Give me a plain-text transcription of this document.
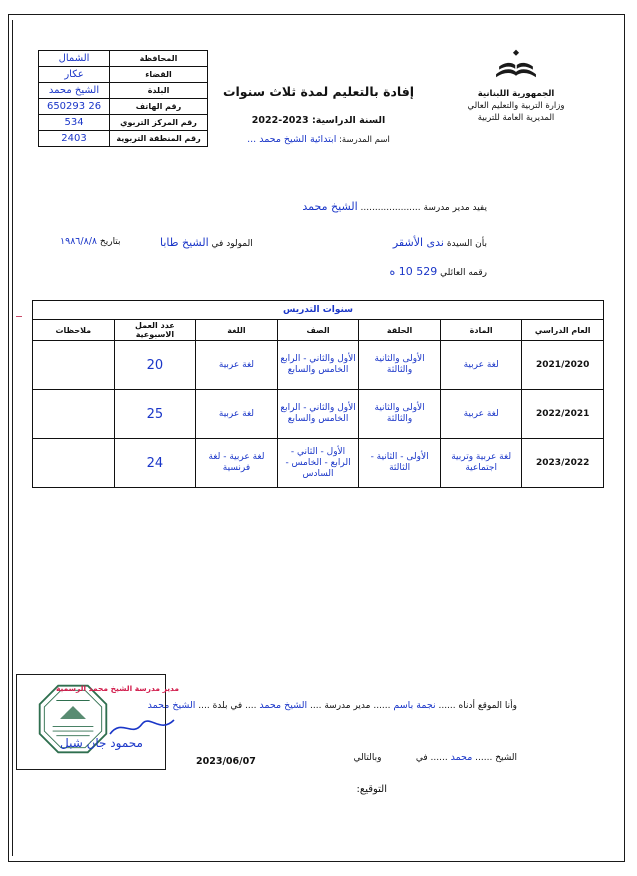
الجمهورية اللبنانية
وزارة التربية والتعليم العالي
المديرية العامة للتربية
إفادة بالتعليم لمدة ثلاث سنوات
السنة الدراسية: 2023-2022
اسم المدرسة: ابتدائية الشيخ محمد ...
المحافظة	الشمال
القضاء	عكار
البلدة	الشيخ محمد
رقم الهاتف	26 650293
رقم المركز التربوي	534
رقم المنطقة التربوية	2403
يفيد مدير مدرسة ..................... الشيخ محمد
بأن السيدة ندى الأشقر
المولود في الشيخ طابا
بتاريخ ١٩٨٦/٨/٨
رقمه العائلي 529 10 ه
سنوات التدريس						
العام الدراسي	المادة	الحلقة	الصف	اللغة	عدد العمل الاسبوعية	ملاحظات
2021/2020	لغة عربية	الأولى والثانية والثالثة	الأول والثاني - الرابع الخامس والسابع	لغة عربية	20	
2022/2021	لغة عربية	الأولى والثانية والثالثة	الأول والثاني - الرابع الخامس والسابع	لغة عربية	25	
2023/2022	لغة عربية وتربية اجتماعية	الأولى - الثانية - الثالثة	الأول - الثاني - الرابع - الخامس - السادس	لغة عربية - لغة فرنسية	24	
وأنا الموقع أدناه ...... نجمة باسم ...... مدير مدرسة .... الشيخ محمد .... في بلدة .... الشيخ محمد
الشيخ ...... محمد ...... في            وبالتالي
2023/06/07
التوقيع:
مدير مدرسة الشيخ محمد الرسمية
محمود جان شبل
